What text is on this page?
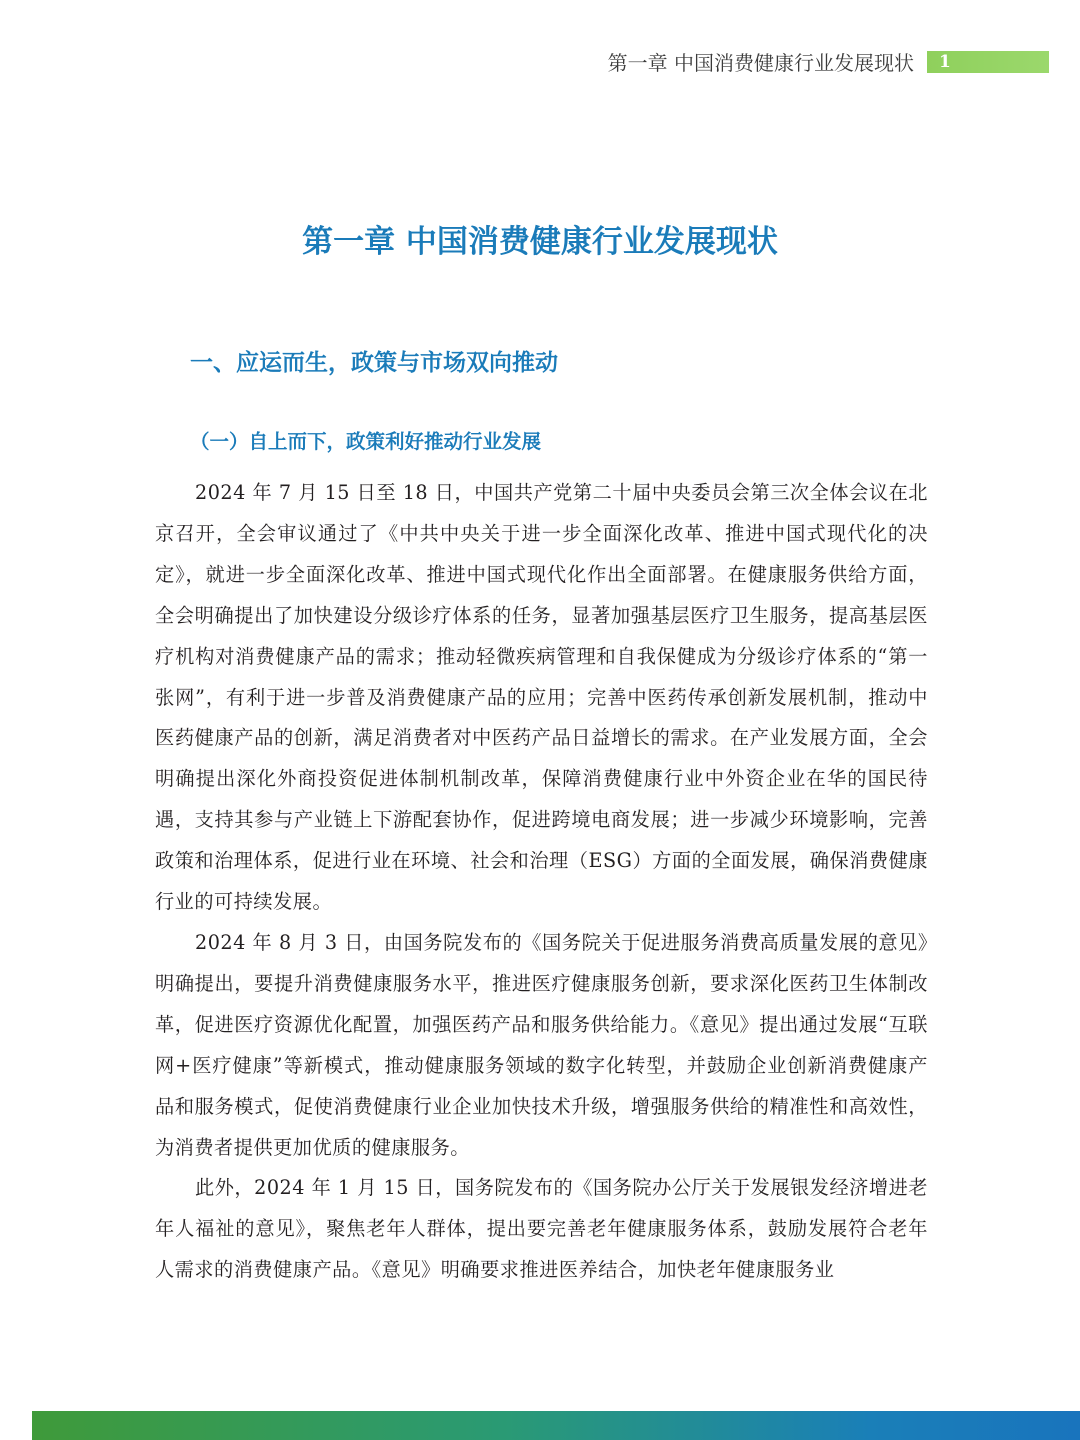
第一章 中国消费健康行业发展现状 1
第一章 中国消费健康行业发展现状
一、应运而生，政策与市场双向推动
（一）自上而下，政策利好推动行业发展

2024 年 7 月 15 日至 18 日，中国共产党第二十届中央委员会第三次全体会议在北京召开，全会审议通过了《中共中央关于进一步全面深化改革、推进中国式现代化的决定》，就进一步全面深化改革、推进中国式现代化作出全面部署。在健康服务供给方面，全会明确提出了加快建设分级诊疗体系的任务，显著加强基层医疗卫生服务，提高基层医疗机构对消费健康产品的需求；推动轻微疾病管理和自我保健成为分级诊疗体系的“第一张网”，有利于进一步普及消费健康产品的应用；完善中医药传承创新发展机制，推动中医药健康产品的创新，满足消费者对中医药产品日益增长的需求。在产业发展方面，全会明确提出深化外商投资促进体制机制改革，保障消费健康行业中外资企业在华的国民待遇，支持其参与产业链上下游配套协作，促进跨境电商发展；进一步减少环境影响，完善政策和治理体系，促进行业在环境、社会和治理（ESG）方面的全面发展，确保消费健康行业的可持续发展。

2024 年 8 月 3 日，由国务院发布的《国务院关于促进服务消费高质量发展的意见》明确提出，要提升消费健康服务水平，推进医疗健康服务创新，要求深化医药卫生体制改革，促进医疗资源优化配置，加强医药产品和服务供给能力。《意见》提出通过发展“互联网+医疗健康”等新模式，推动健康服务领域的数字化转型，并鼓励企业创新消费健康产品和服务模式，促使消费健康行业企业加快技术升级，增强服务供给的精准性和高效性，为消费者提供更加优质的健康服务。

此外，2024 年 1 月 15 日，国务院发布的《国务院办公厅关于发展银发经济增进老年人福祉的意见》，聚焦老年人群体，提出要完善老年健康服务体系，鼓励发展符合老年人需求的消费健康产品。《意见》明确要求推进医养结合，加快老年健康服务业
